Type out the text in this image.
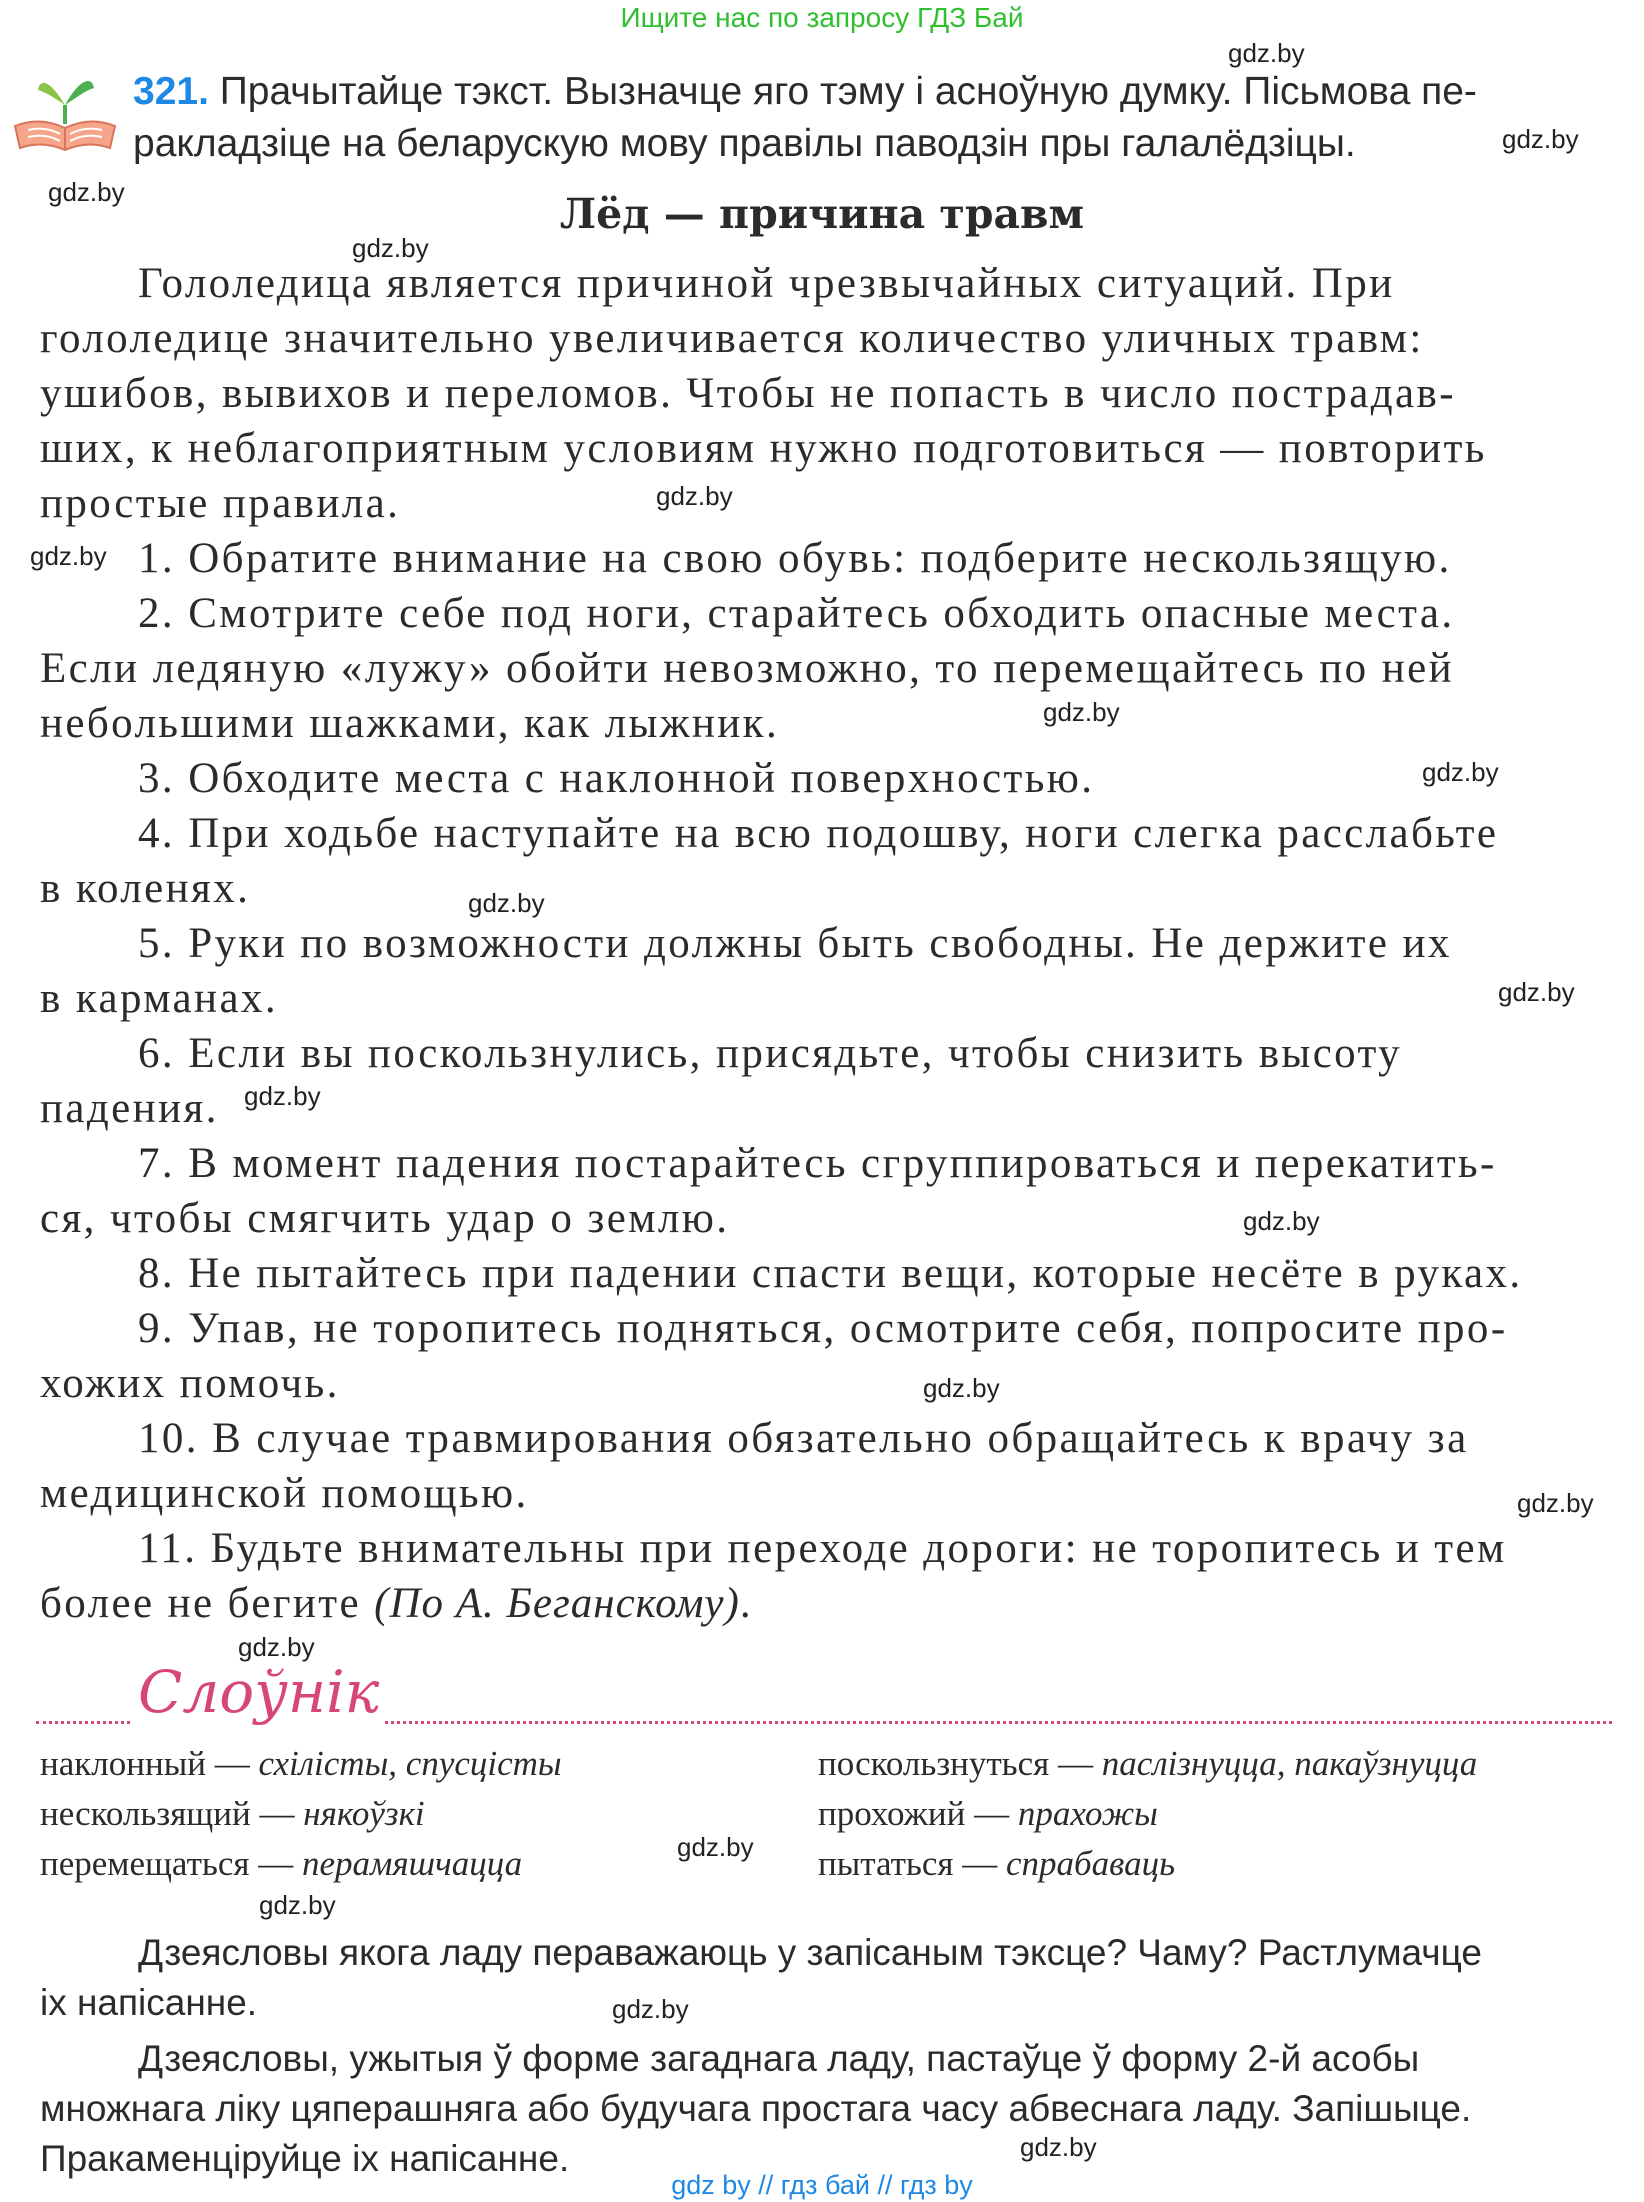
Ищите нас по запросу ГДЗ Бай
321. Прачытайце тэкст. Вызначце яго тэму і асноўную думку. Пісьмова пе-
ракладзіце на беларускую мову правілы паводзін пры галалёдзіцы.
Лёд — причина травм
Гололедица является причиной чрезвычайных ситуаций. При
гололедице значительно увеличивается количество уличных травм:
ушибов, вывихов и переломов. Чтобы не попасть в число пострадав-
ших, к неблагоприятным условиям нужно подготовиться — повторить
простые правила.
1. Обратите внимание на свою обувь: подберите нескользящую.
2. Смотрите себе под ноги, старайтесь обходить опасные места.
Если ледяную «лужу» обойти невозможно, то перемещайтесь по ней
небольшими шажками, как лыжник.
3. Обходите места с наклонной поверхностью.
4. При ходьбе наступайте на всю подошву, ноги слегка расслабьте
в коленях.
5. Руки по возможности должны быть свободны. Не держите их
в карманах.
6. Если вы поскользнулись, присядьте, чтобы снизить высоту
падения.
7. В момент падения постарайтесь сгруппироваться и перекатить-
ся, чтобы смягчить удар о землю.
8. Не пытайтесь при падении спасти вещи, которые несёте в руках.
9. Упав, не торопитесь подняться, осмотрите себя, попросите про-
хожих помочь.
10. В случае травмирования обязательно обращайтесь к врачу за
медицинской помощью.
11. Будьте внимательны при переходе дороги: не торопитесь и тем
более не бегите (По А. Беганскому).
Слоўнік
наклонный — схілісты, спусцісты
нескользящий — някоўзкі
перемещаться — перамяшчацца
поскользнуться — паслізнуцца, пакаўзнуцца
прохожий — прахожы
пытаться — спрабаваць
Дзеясловы якога ладу пераважаюць у запісаным тэксце? Чаму? Растлумачце
іх напісанне.
Дзеясловы, ужытыя ў форме загаднага ладу, пастаўце ў форму 2-й асобы
множнага ліку цяперашняга або будучага простага часу абвеснага ладу. Запішыце.
Пракаменціруйце іх напісанне.
gdz.by
gdz.by
gdz.by
gdz.by
gdz.by
gdz.by
gdz.by
gdz.by
gdz.by
gdz.by
gdz.by
gdz.by
gdz.by
gdz.by
gdz.by
gdz.by
gdz.by
gdz.by
gdz.by
gdz by // гдз бай // гдз by
